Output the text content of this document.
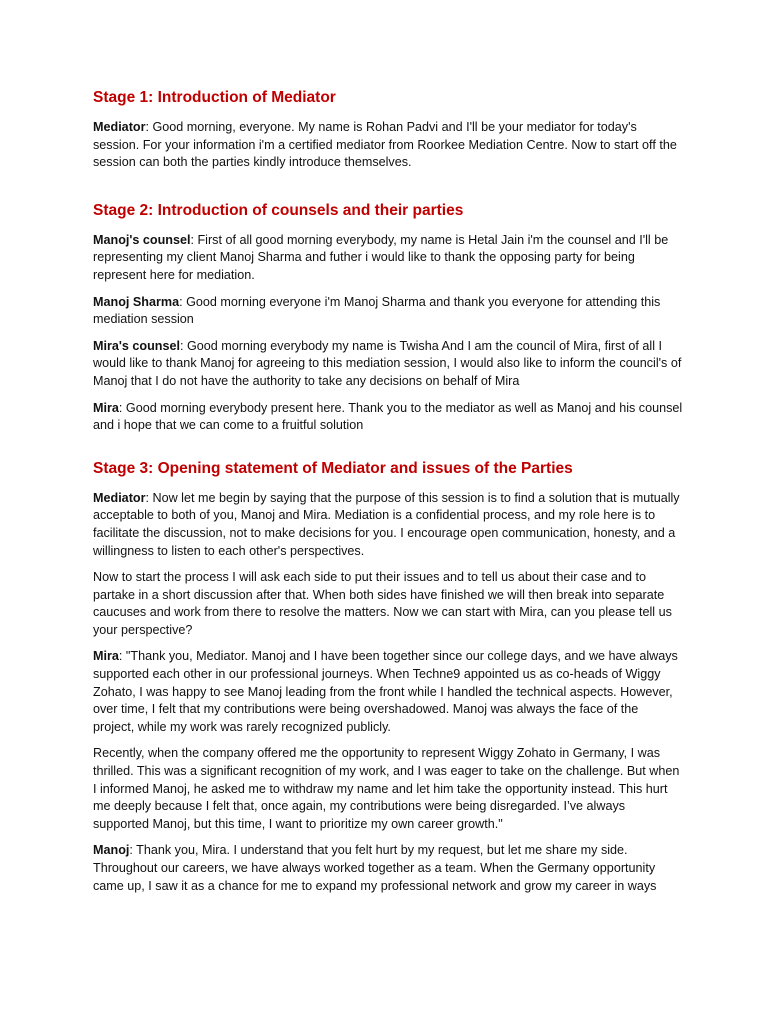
Stage 1: Introduction of Mediator

Mediator: Good morning, everyone. My name is Rohan Padvi and I'll be your mediator for today's session. For your information i'm a certified mediator from Roorkee Mediation Centre. Now to start off the session can both the parties kindly introduce themselves.

Stage 2: Introduction of counsels and their parties

Manoj's counsel: First of all good morning everybody, my name is Hetal Jain i'm the counsel and I'll be representing my client Manoj Sharma and futher i would like to thank the opposing party for being represent here for mediation.

Manoj Sharma: Good morning everyone i'm Manoj Sharma and thank you everyone for attending this mediation session

Mira's counsel: Good morning everybody my name is Twisha And I am the council of Mira, first of all I would like to thank Manoj for agreeing to this mediation session, I would also like to inform the council's of Manoj that I do not have the authority to take any decisions on behalf of Mira

Mira: Good morning everybody present here. Thank you to the mediator as well as Manoj and his counsel and i hope that we can come to a fruitful solution

Stage 3: Opening statement of Mediator and issues of the Parties

Mediator: Now let me begin by saying that the purpose of this session is to find a solution that is mutually acceptable to both of you, Manoj and Mira. Mediation is a confidential process, and my role here is to facilitate the discussion, not to make decisions for you. I encourage open communication, honesty, and a willingness to listen to each other's perspectives.

Now to start the process I will ask each side to put their issues and to tell us about their case and to partake in a short discussion after that. When both sides have finished we will then break into separate caucuses and work from there to resolve the matters. Now we can start with Mira, can you please tell us your perspective?

Mira: "Thank you, Mediator. Manoj and I have been together since our college days, and we have always supported each other in our professional journeys. When Techne9 appointed us as co-heads of Wiggy Zohato, I was happy to see Manoj leading from the front while I handled the technical aspects. However, over time, I felt that my contributions were being overshadowed. Manoj was always the face of the project, while my work was rarely recognized publicly.

Recently, when the company offered me the opportunity to represent Wiggy Zohato in Germany, I was thrilled. This was a significant recognition of my work, and I was eager to take on the challenge. But when I informed Manoj, he asked me to withdraw my name and let him take the opportunity instead. This hurt me deeply because I felt that, once again, my contributions were being disregarded. I’ve always supported Manoj, but this time, I want to prioritize my own career growth."

Manoj: Thank you, Mira. I understand that you felt hurt by my request, but let me share my side. Throughout our careers, we have always worked together as a team. When the Germany opportunity came up, I saw it as a chance for me to expand my professional network and grow my career in ways
